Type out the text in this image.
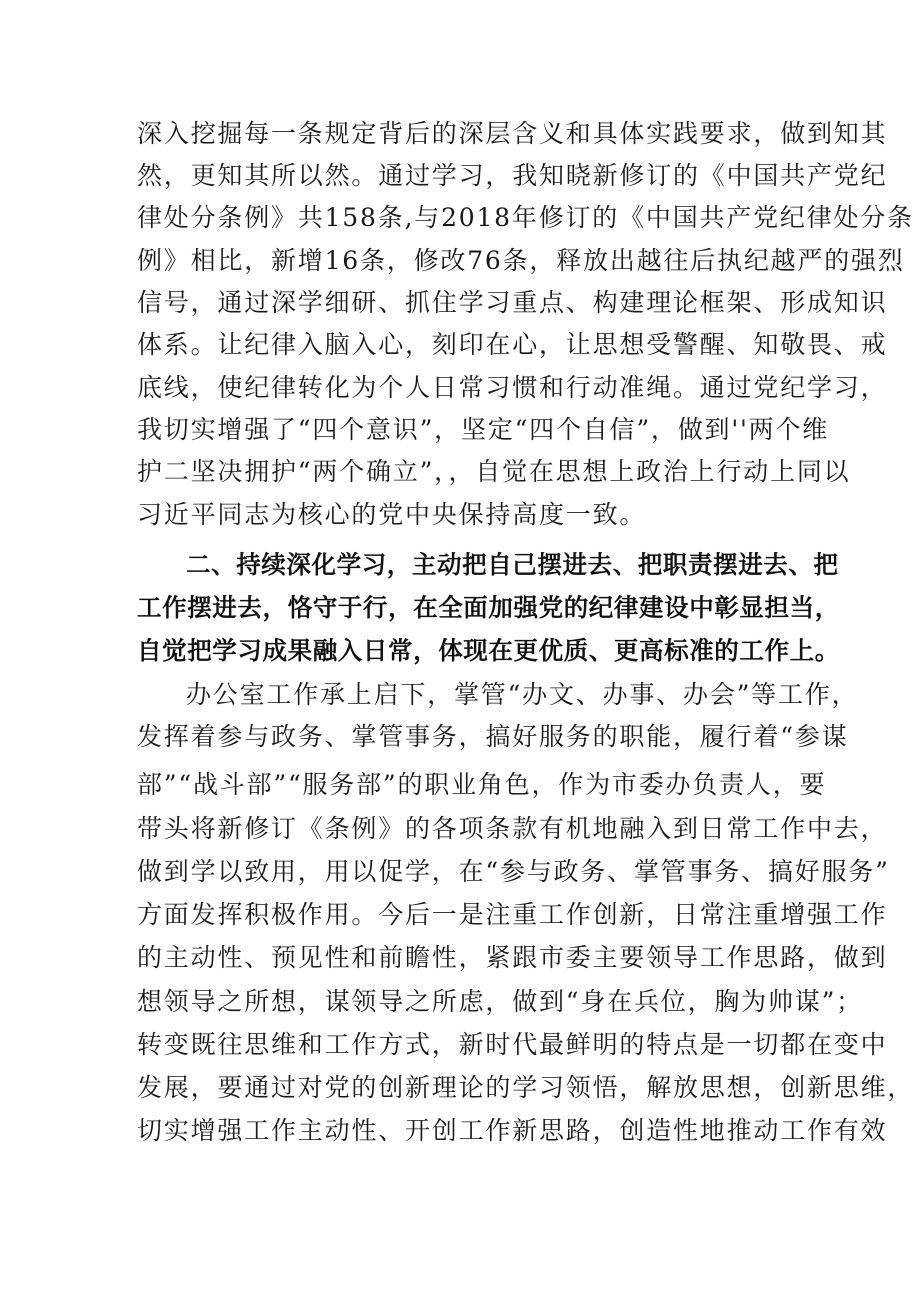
深入挖掘每一条规定背后的深层含义和具体实践要求，做到知其
然，更知其所以然。通过学习，我知晓新修订的《中国共产党纪
律处分条例》共158条,与2018年修订的《中国共产党纪律处分条
例》相比，新增16条，修改76条，释放出越往后执纪越严的强烈
信号，通过深学细研、抓住学习重点、构建理论框架、形成知识
体系。让纪律入脑入心，刻印在心，让思想受警醒、知敬畏、戒
底线，使纪律转化为个人日常习惯和行动准绳。通过党纪学习，
我切实增强了“四个意识”，坚定“四个自信”，做到''两个维
护二坚决拥护“两个确立”，，自觉在思想上政治上行动上同以
习近平同志为核心的党中央保持高度一致。
二、持续深化学习，主动把自己摆进去、把职责摆进去、把
工作摆进去，恪守于行，在全面加强党的纪律建设中彰显担当，
自觉把学习成果融入日常，体现在更优质、更高标准的工作上。
办公室工作承上启下，掌管“办文、办事、办会”等工作，
发挥着参与政务、掌管事务，搞好服务的职能，履行着“参谋
部”“战斗部”“服务部”的职业角色，作为市委办负责人，要
带头将新修订《条例》的各项条款有机地融入到日常工作中去，
做到学以致用，用以促学，在“参与政务、掌管事务、搞好服务”
方面发挥积极作用。今后一是注重工作创新，日常注重增强工作
的主动性、预见性和前瞻性，紧跟市委主要领导工作思路，做到
想领导之所想，谋领导之所虑，做到“身在兵位，胸为帅谋”；
转变既往思维和工作方式，新时代最鲜明的特点是一切都在变中
发展，要通过对党的创新理论的学习领悟，解放思想，创新思维，
切实增强工作主动性、开创工作新思路，创造性地推动工作有效
